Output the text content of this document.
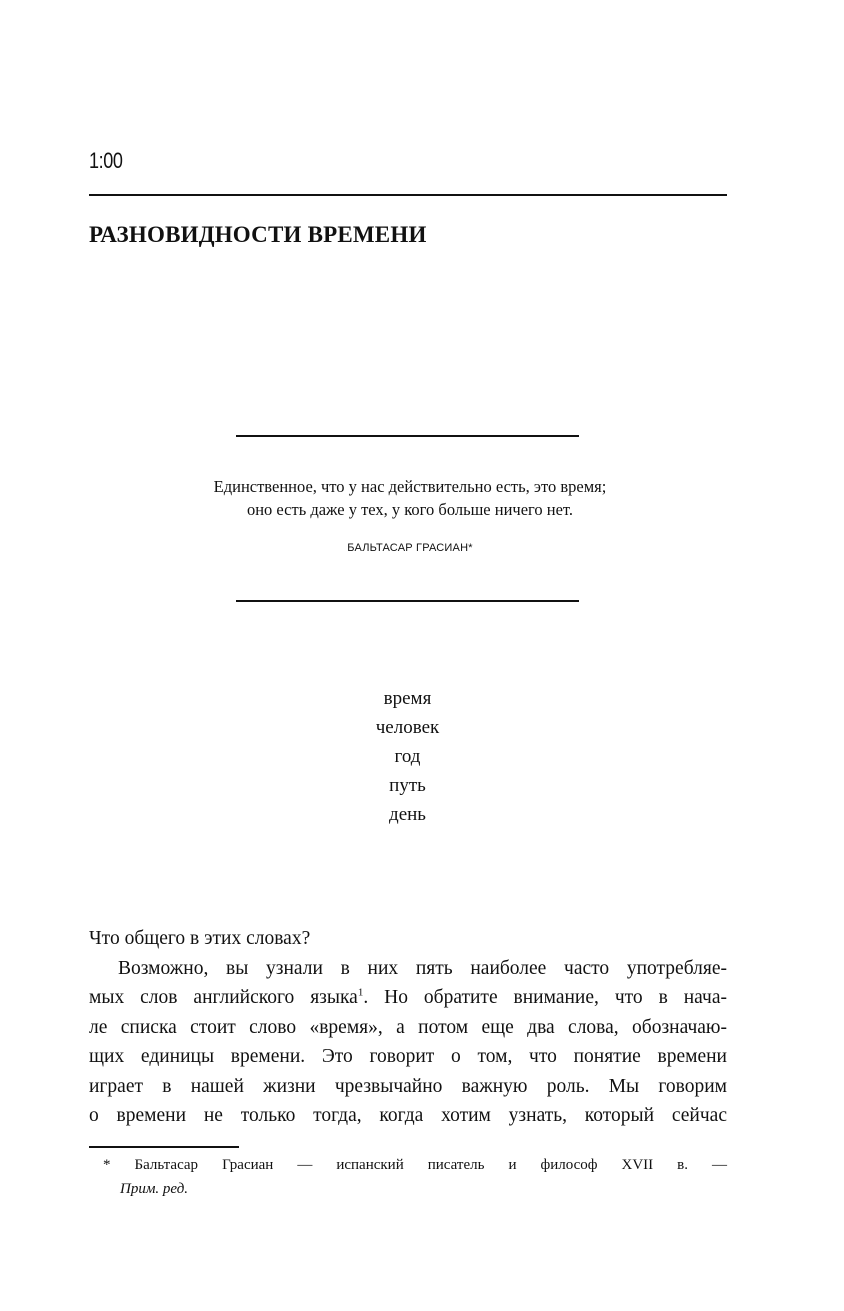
1:00
РАЗНОВИДНОСТИ ВРЕМЕНИ
Единственное, что у нас действительно есть, это время;
оно есть даже у тех, у кого больше ничего нет.
БАЛЬТАСАР ГРАСИАН*
время
человек
год
путь
день
Что общего в этих словах?
Возможно, вы узнали в них пять наиболее часто употребляе-
мых слов английского языка$^1$. Но обратите внимание, что в нача-
ле списка стоит слово «время», а потом еще два слова, обозначаю-
щих единицы времени. Это говорит о том, что понятие времени
играет в нашей жизни чрезвычайно важную роль. Мы говорим
о времени не только тогда, когда хотим узнать, который сейчас
* Бальтасар Грасиан — испанский писатель и философ XVII в. —
Прим. ред.
